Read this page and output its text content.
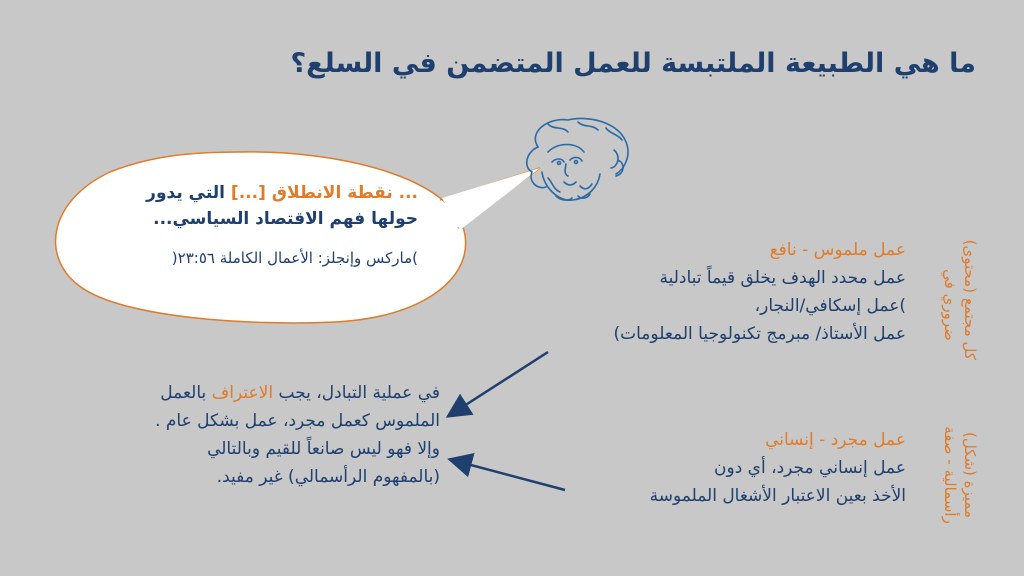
ما هي الطبيعة الملتبسة للعمل المتضمن في السلع؟
... نقطة الانطلاق [...] التي يدور
حولها فهم الاقتصاد السياسي...
)ماركس وإنجلز: الأعمال الكاملة ٢٣:٥٦(	عمل ملموس - نافع
عمل محدد الهدف يخلق قيماً تبادلية
)عمل إسكافي/النجار،
عمل الأستاذ/ مبرمج تكنولوجيا المعلومات)
عمل مجرد - إنساني
عمل إنساني مجرد، أي دون
الأخذ بعين الاعتبار الأشغال الملموسة
في عملية التبادل، يجب الاعتراف بالعمل
الملموس كعمل مجرد، عمل بشكل عام .
وإلا فهو ليس صانعاً للقيم وبالتالي
(بالمفهوم الرأسمالي) غير مفيد.
كل مجتمع (محتوى)
ضروري في
مميزة (شكل)
رأسمالية - صفة
